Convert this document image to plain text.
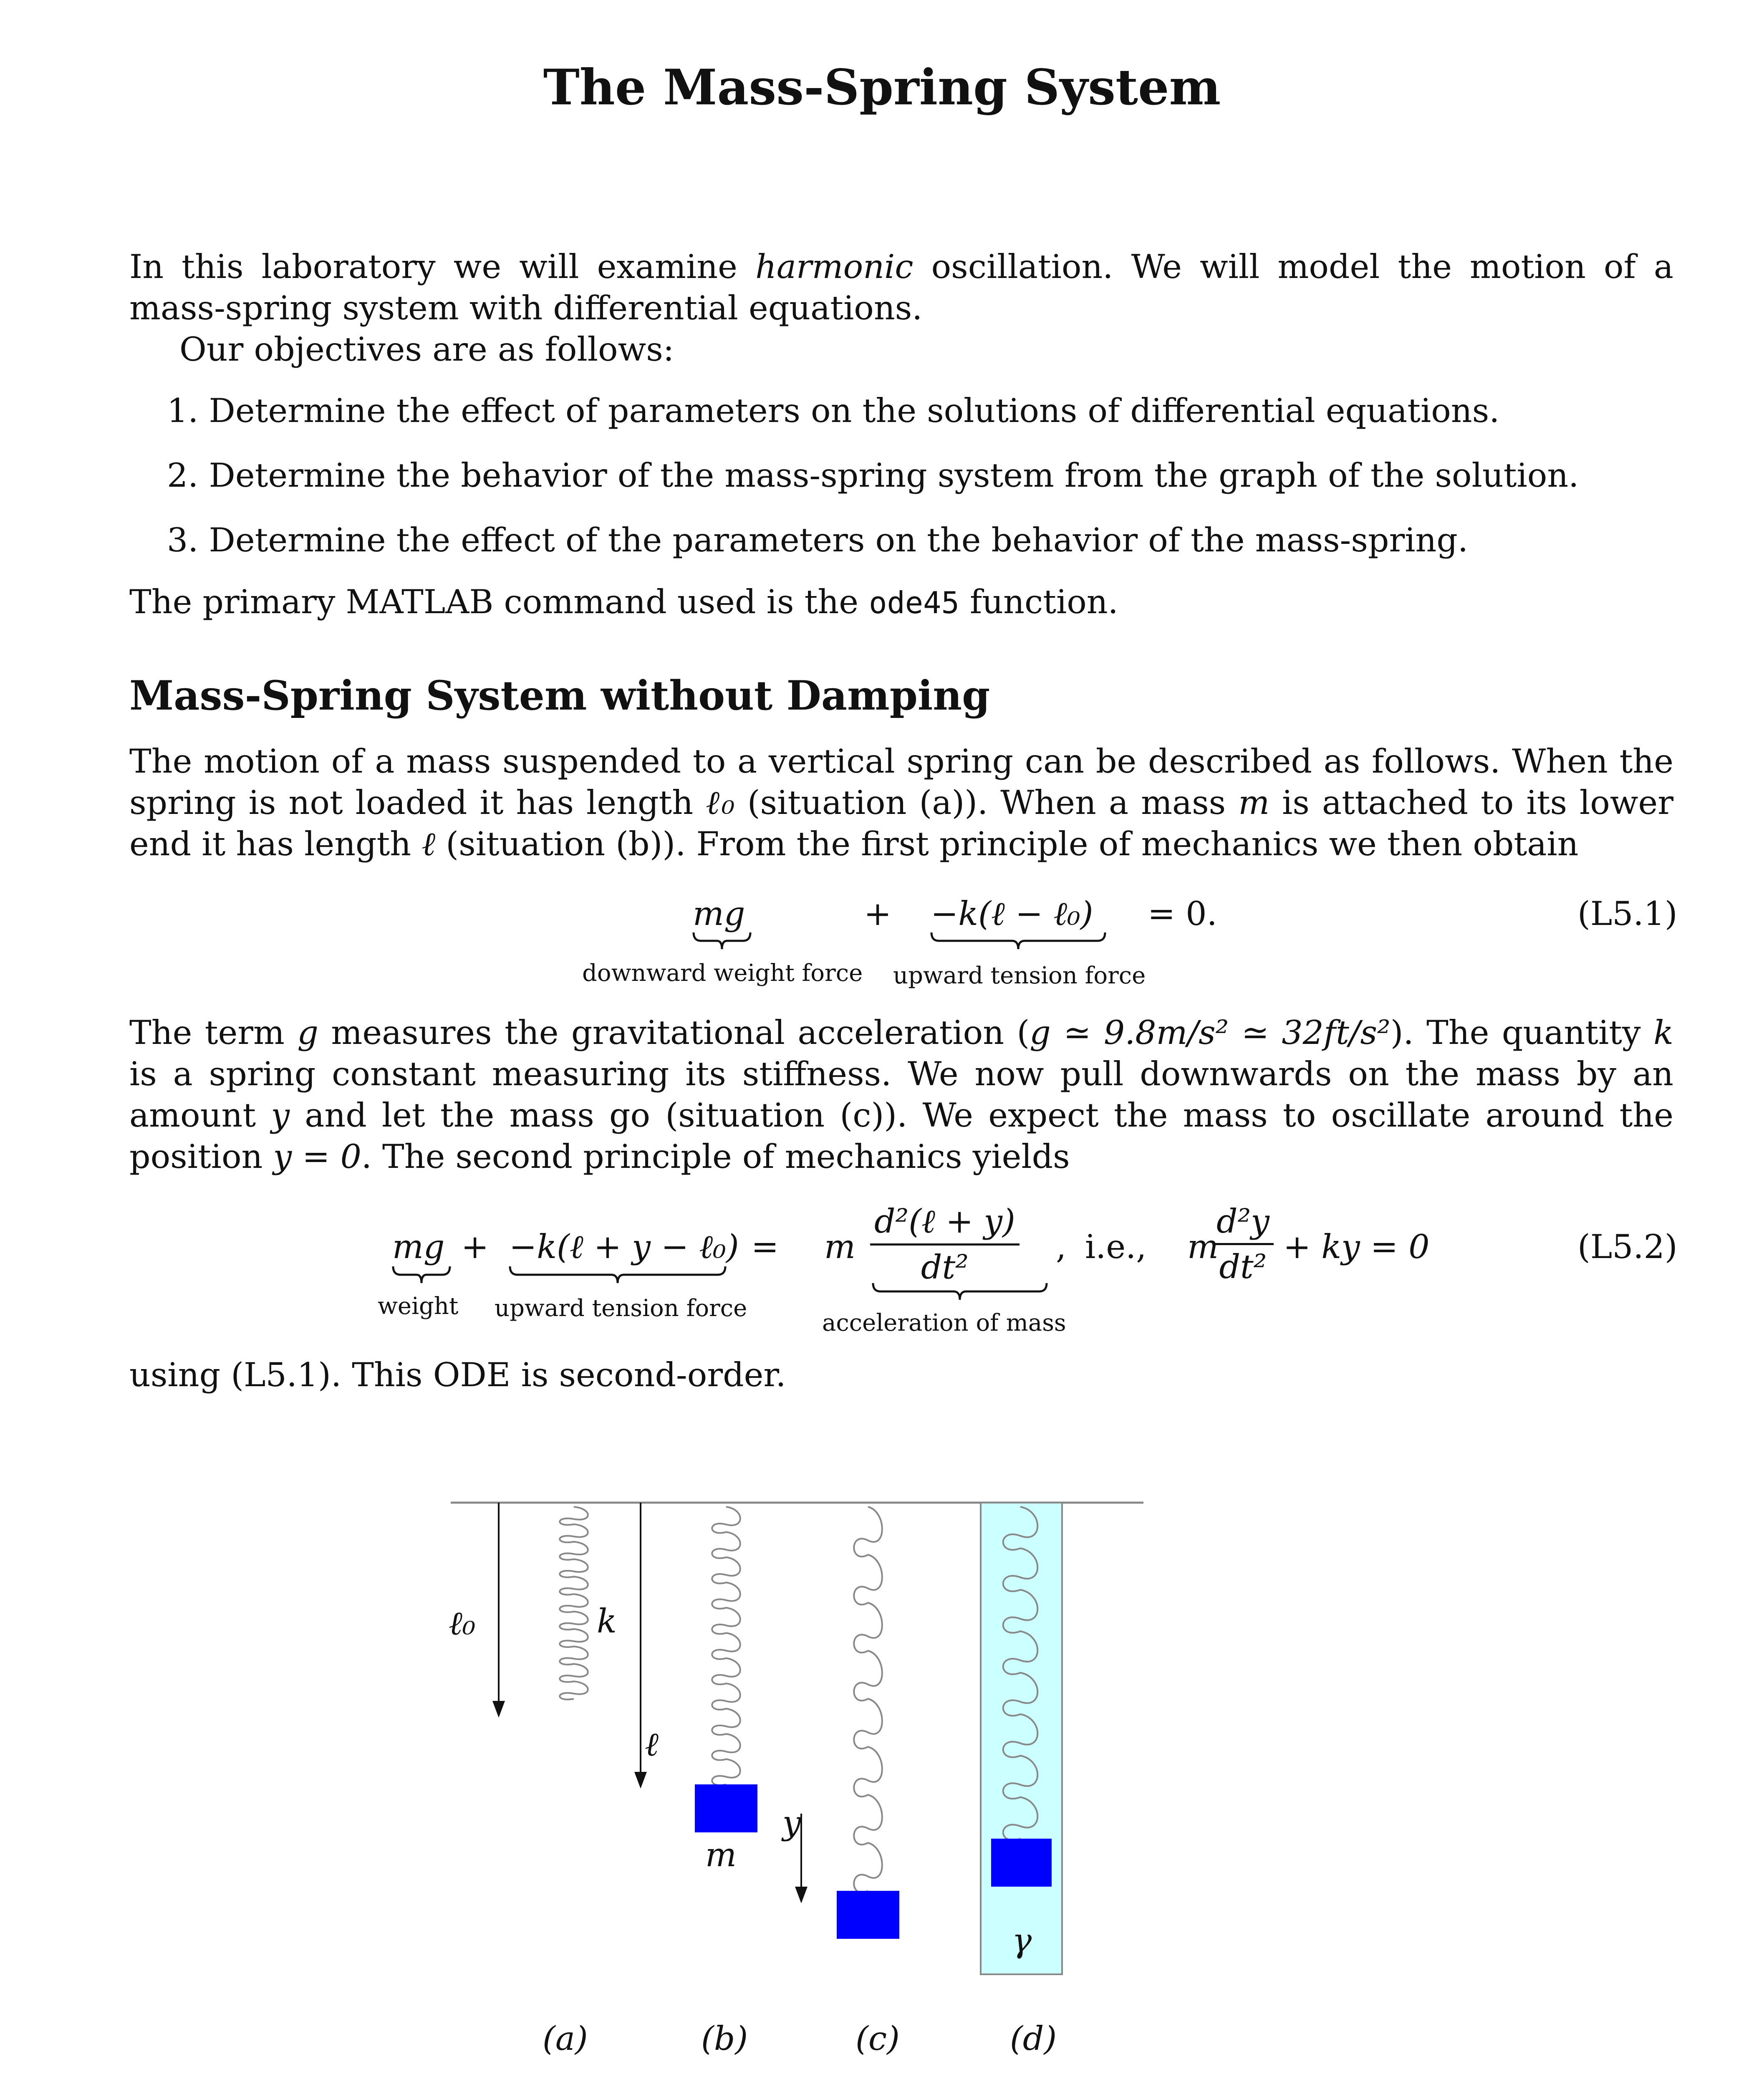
The Mass-Spring System
In this laboratory we will examine harmonic oscillation. We will model the motion of a mass-spring system with differential equations.
Our objectives are as follows:
1. Determine the effect of parameters on the solutions of differential equations.
2. Determine the behavior of the mass-spring system from the graph of the solution.
3. Determine the effect of the parameters on the behavior of the mass-spring.
The primary MATLAB command used is the ode45 function.
Mass-Spring System without Damping
The motion of a mass suspended to a vertical spring can be described as follows. When the spring is not loaded it has length ℓ₀ (situation (a)). When a mass m is attached to its lower end it has length ℓ (situation (b)). From the first principle of mechanics we then obtain
mg	+ −k(ℓ − ℓ₀) = 0.	(L5.1)
downward weight force upward tension force
The term g measures the gravitational acceleration (g ≃ 9.8m/s² ≃ 32ft/s²). The quantity k is a spring constant measuring its stiffness. We now pull downwards on the mass by an amount y and let the mass go (situation (c)). We expect the mass to oscillate around the position y = 0. The second principle of mechanics yields
mg + −k(ℓ + y − ℓ₀) = m $\frac{\text{d²(ℓ + y)}}{\text{dt²}}$ , i.e., m
$\frac{\text{d²y}}{\text{dt²}}$ + ky = 0	(L5.2)
weight upward tension force
acceleration of mass
using (L5.1). This ODE is second-order.
ℓ₀	k
ℓ
m
y
γ
(a)	(b)	(c)	(d)
